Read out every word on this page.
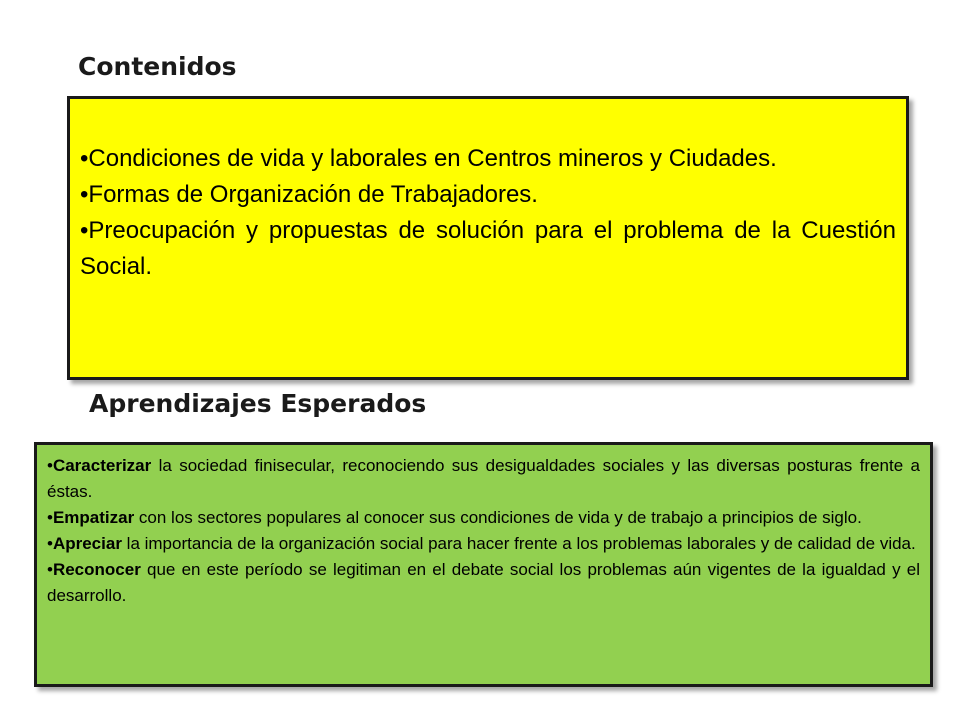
Contenidos
• Condiciones de vida y laborales en Centros mineros y Ciudades.
• Formas de Organización de Trabajadores.
• Preocupación y propuestas de solución para el problema de la Cuestión Social.
Aprendizajes Esperados
• Caracterizar la sociedad finisecular, reconociendo sus desigualdades sociales y las diversas posturas frente a éstas.
• Empatizar con los sectores populares al conocer sus condiciones de vida y de trabajo a principios de siglo.
• Apreciar la importancia de la organización social para hacer frente a los problemas laborales y de calidad de vida.
• Reconocer que en este período se legitiman en el debate social los problemas aún vigentes de la igualdad y el desarrollo.
